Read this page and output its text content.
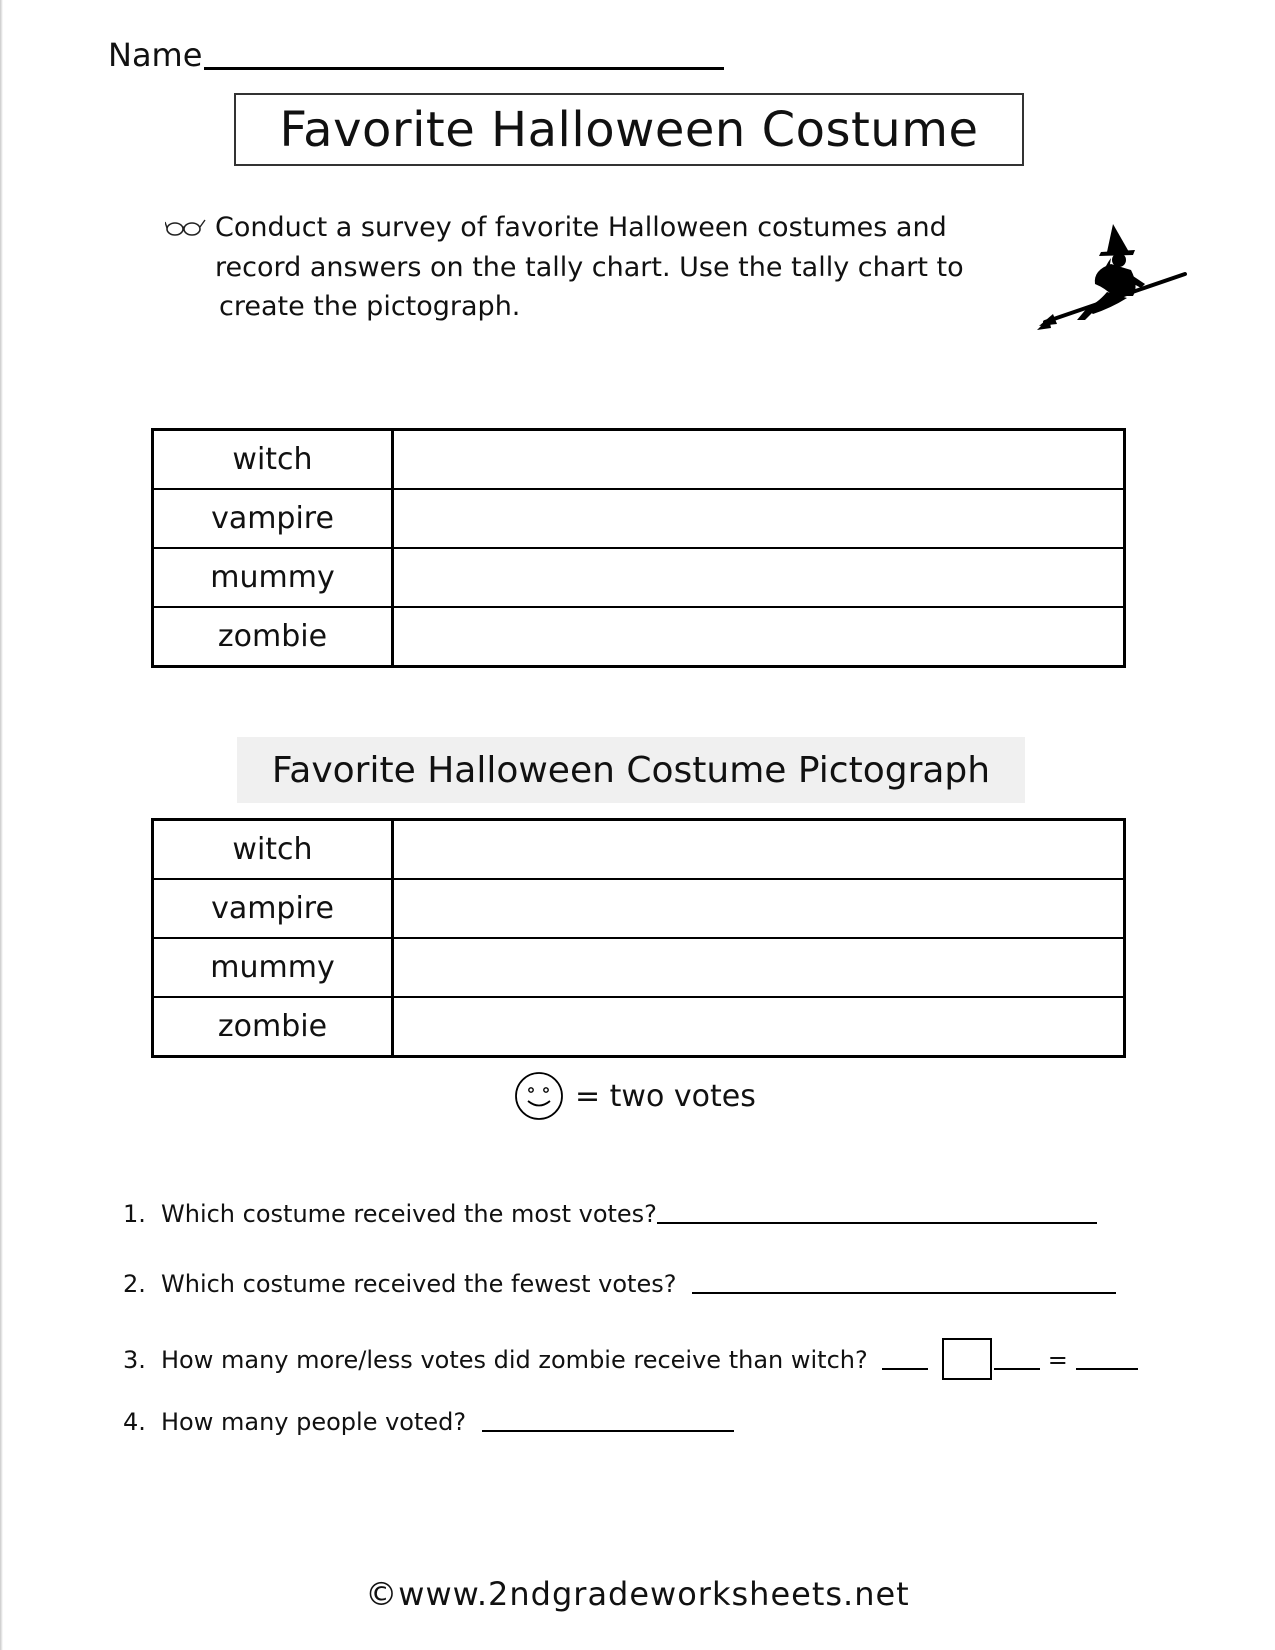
Name
Favorite Halloween Costume
Conduct a survey of favorite Halloween costumes and
record answers on the tally chart. Use the tally chart to
create the pictograph.
witch	
vampire	
mummy	
zombie	
Favorite Halloween Costume Pictograph
witch	
vampire	
mummy	
zombie	
= two votes
1. Which costume received the most votes?
2. Which costume received the fewest votes?
3. How many more/less votes did zombie receive than witch?	=
4. How many people voted?
©www.2ndgradeworksheets.net
